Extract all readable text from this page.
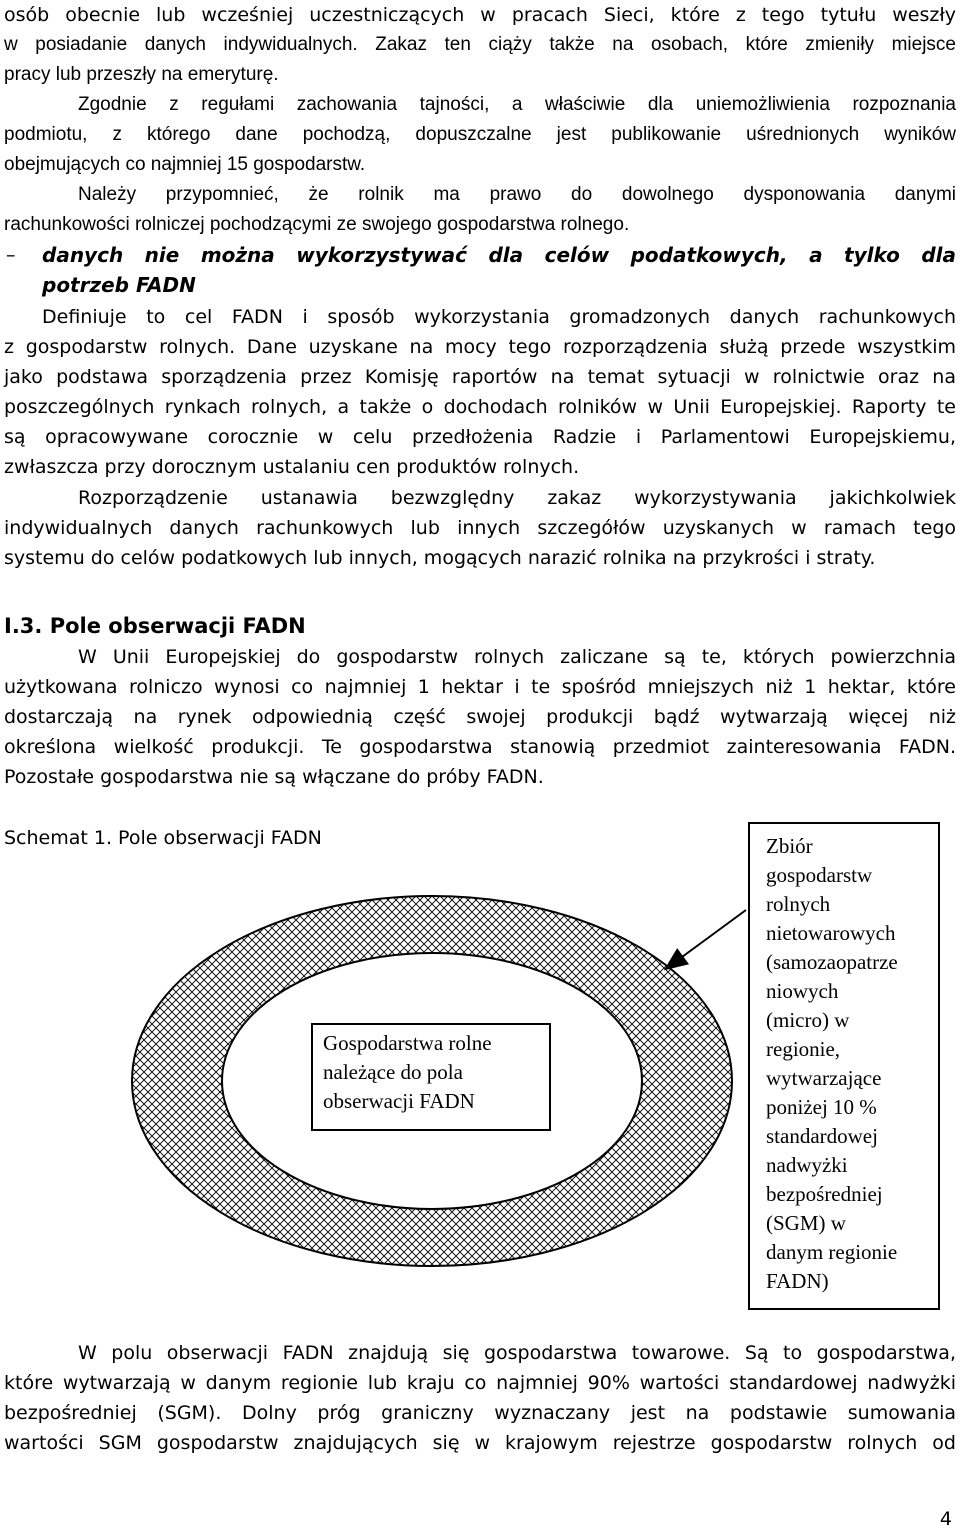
osób obecnie lub wcześniej uczestniczących w pracach Sieci, które z tego tytułu weszły
w posiadanie danych indywidualnych. Zakaz ten ciąży także na osobach, które zmieniły miejsce
pracy lub przeszły na emeryturę.
Zgodnie z regułami zachowania tajności, a właściwie dla uniemożliwienia rozpoznania
podmiotu, z którego dane pochodzą, dopuszczalne jest publikowanie uśrednionych wyników
obejmujących co najmniej 15 gospodarstw.
Należy przypomnieć, że rolnik ma prawo do dowolnego dysponowania danymi
rachunkowości rolniczej pochodzącymi ze swojego gospodarstwa rolnego.
–	danych nie można wykorzystywać dla celów podatkowych, a tylko dla
potrzeb FADN
Definiuje to cel FADN i sposób wykorzystania gromadzonych danych rachunkowych
z gospodarstw rolnych. Dane uzyskane na mocy tego rozporządzenia służą przede wszystkim
jako podstawa sporządzenia przez Komisję raportów na temat sytuacji w rolnictwie oraz na
poszczególnych rynkach rolnych, a także o dochodach rolników w Unii Europejskiej. Raporty te
są opracowywane corocznie w celu przedłożenia Radzie i Parlamentowi Europejskiemu,
zwłaszcza przy dorocznym ustalaniu cen produktów rolnych.
Rozporządzenie ustanawia bezwzględny zakaz wykorzystywania jakichkolwiek
indywidualnych danych rachunkowych lub innych szczegółów uzyskanych w ramach tego
systemu do celów podatkowych lub innych, mogących narazić rolnika na przykrości i straty.
I.3. Pole obserwacji FADN
W Unii Europejskiej do gospodarstw rolnych zaliczane są te, których powierzchnia
użytkowana rolniczo wynosi co najmniej 1 hektar i te spośród mniejszych niż 1 hektar, które
dostarczają na rynek odpowiednią część swojej produkcji bądź wytwarzają więcej niż
określona wielkość produkcji. Te gospodarstwa stanowią przedmiot zainteresowania FADN.
Pozostałe gospodarstwa nie są włączane do próby FADN.
Schemat 1. Pole obserwacji FADN
Gospodarstwa rolne
należące do pola
obserwacji FADN
Zbiór
gospodarstw
rolnych
nietowarowych
(samozaopatrze
niowych
(micro) w
regionie,
wytwarzające
poniżej 10 %
standardowej
nadwyżki
bezpośredniej
(SGM) w
danym regionie
FADN)
W polu obserwacji FADN znajdują się gospodarstwa towarowe. Są to gospodarstwa,
które wytwarzają w danym regionie lub kraju co najmniej 90% wartości standardowej nadwyżki
bezpośredniej (SGM). Dolny próg graniczny wyznaczany jest na podstawie sumowania
wartości SGM gospodarstw znajdujących się w krajowym rejestrze gospodarstw rolnych od
4
